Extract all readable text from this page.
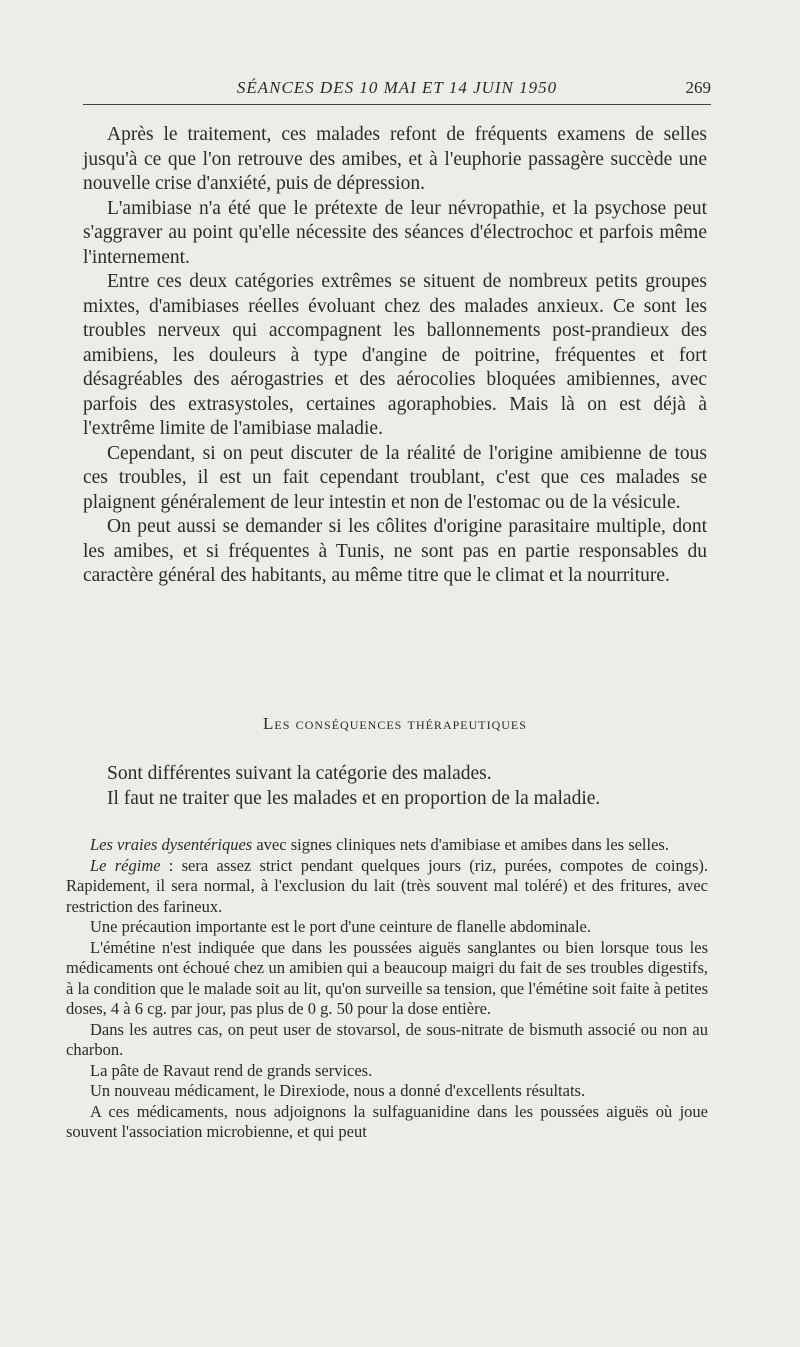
SÉANCES DES 10 MAI ET 14 JUIN 1950	269

Après le traitement, ces malades refont de fréquents examens de selles jusqu'à ce que l'on retrouve des amibes, et à l'euphorie passagère succède une nouvelle crise d'anxiété, puis de dépression.

L'amibiase n'a été que le prétexte de leur névropathie, et la psychose peut s'aggraver au point qu'elle nécessite des séances d'électrochoc et parfois même l'internement.

Entre ces deux catégories extrêmes se situent de nombreux petits groupes mixtes, d'amibiases réelles évoluant chez des malades anxieux. Ce sont les troubles nerveux qui accompagnent les ballonnements post-prandieux des amibiens, les douleurs à type d'angine de poitrine, fréquentes et fort désagréables des aérogastries et des aérocolies bloquées amibiennes, avec parfois des extrasystoles, certaines agoraphobies. Mais là on est déjà à l'extrême limite de l'amibiase maladie.

Cependant, si on peut discuter de la réalité de l'origine amibienne de tous ces troubles, il est un fait cependant troublant, c'est que ces malades se plaignent généralement de leur intestin et non de l'estomac ou de la vésicule.

On peut aussi se demander si les côlites d'origine parasitaire multiple, dont les amibes, et si fréquentes à Tunis, ne sont pas en partie responsables du caractère général des habitants, au même titre que le climat et la nourriture.

Les conséquences thérapeutiques

Sont différentes suivant la catégorie des malades.

Il faut ne traiter que les malades et en proportion de la maladie.

Les vraies dysentériques avec signes cliniques nets d'amibiase et amibes dans les selles.

Le régime : sera assez strict pendant quelques jours (riz, purées, compotes de coings). Rapidement, il sera normal, à l'exclusion du lait (très souvent mal toléré) et des fritures, avec restriction des farineux.

Une précaution importante est le port d'une ceinture de flanelle abdominale.

L'émétine n'est indiquée que dans les poussées aiguës sanglantes ou bien lorsque tous les médicaments ont échoué chez un amibien qui a beaucoup maigri du fait de ses troubles digestifs, à la condition que le malade soit au lit, qu'on surveille sa tension, que l'émétine soit faite à petites doses, 4 à 6 cg. par jour, pas plus de 0 g. 50 pour la dose entière.

Dans les autres cas, on peut user de stovarsol, de sous-nitrate de bismuth associé ou non au charbon.

La pâte de Ravaut rend de grands services.

Un nouveau médicament, le Direxiode, nous a donné d'excellents résultats.

A ces médicaments, nous adjoignons la sulfaguanidine dans les poussées aiguës où joue souvent l'association microbienne, et qui peut
